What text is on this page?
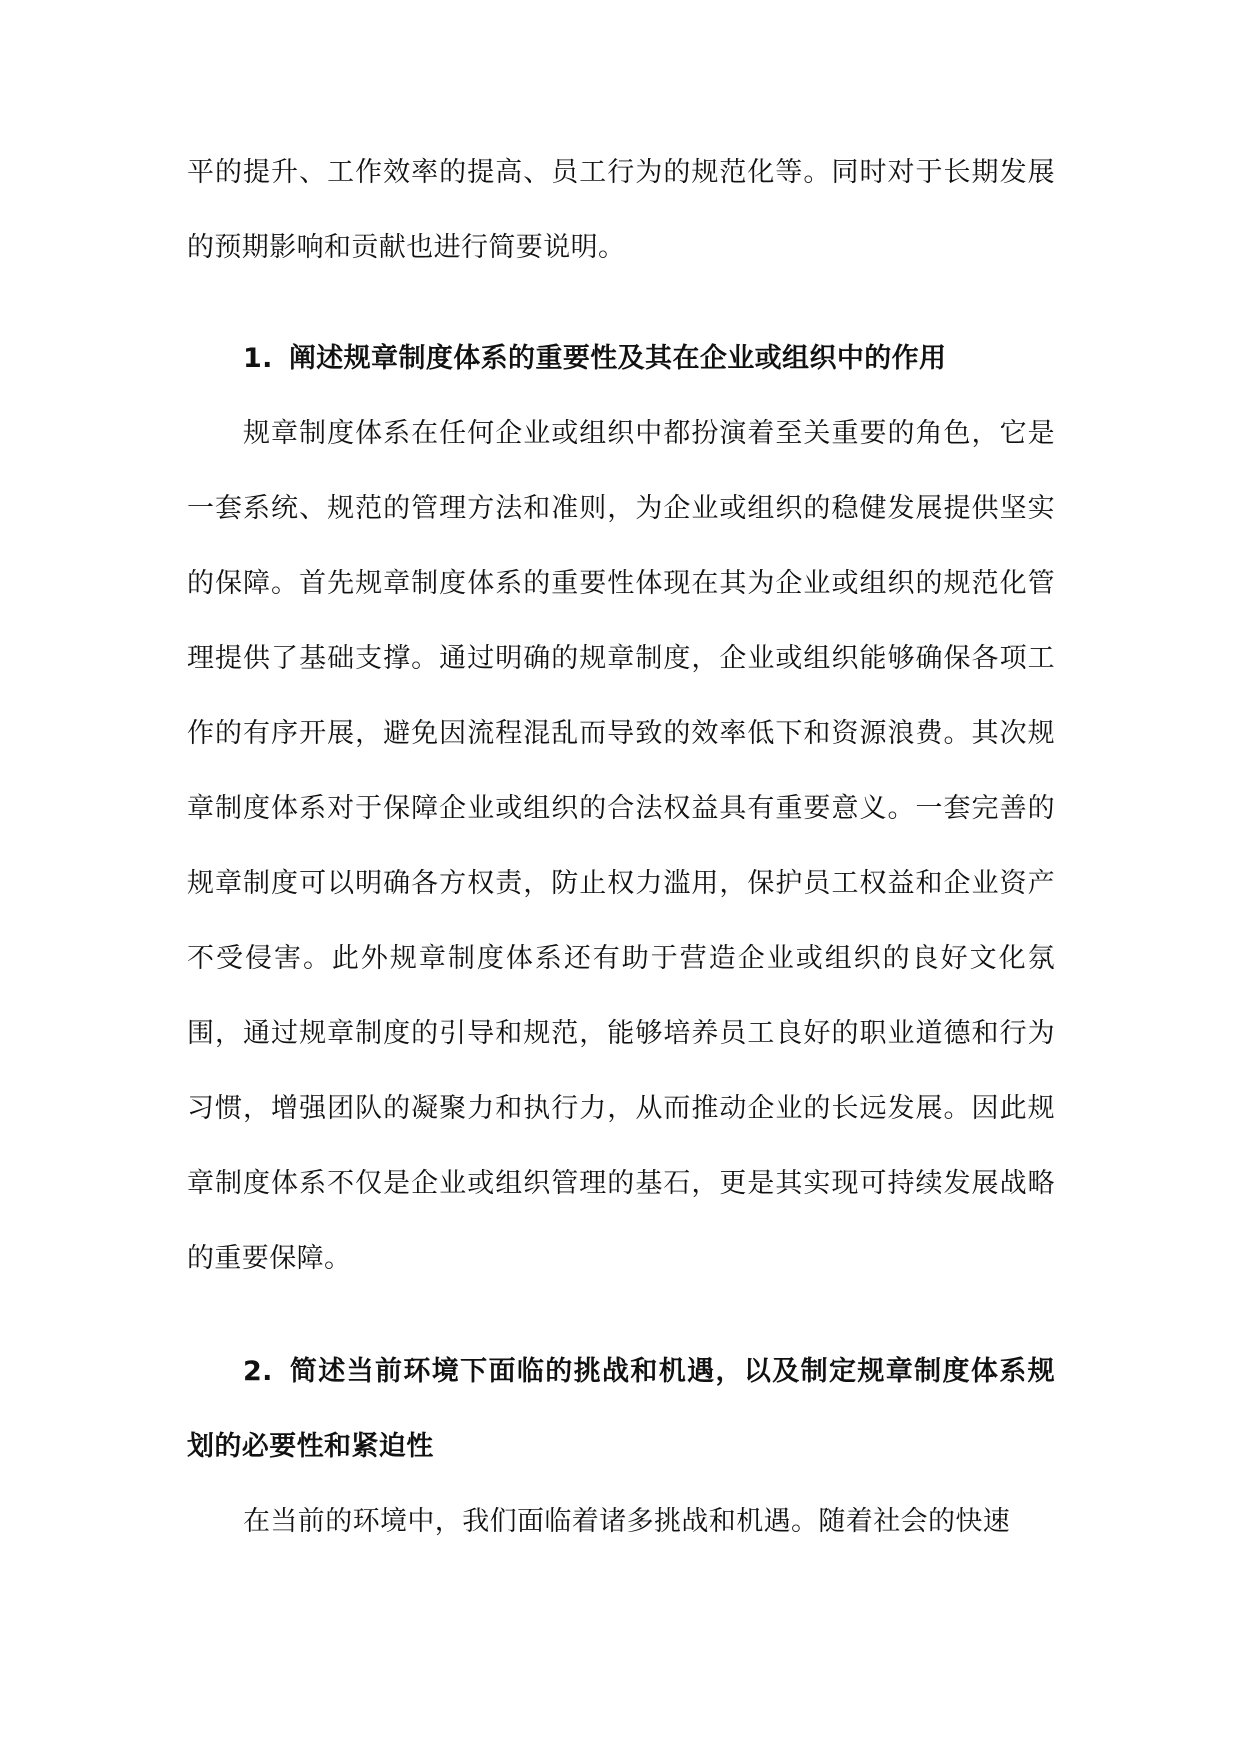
平的提升、工作效率的提高、员工行为的规范化等。同时对于长期发展的预期影响和贡献也进行简要说明。

1. 阐述规章制度体系的重要性及其在企业或组织中的作用

规章制度体系在任何企业或组织中都扮演着至关重要的角色，它是一套系统、规范的管理方法和准则，为企业或组织的稳健发展提供坚实的保障。首先规章制度体系的重要性体现在其为企业或组织的规范化管理提供了基础支撑。通过明确的规章制度，企业或组织能够确保各项工作的有序开展，避免因流程混乱而导致的效率低下和资源浪费。其次规章制度体系对于保障企业或组织的合法权益具有重要意义。一套完善的规章制度可以明确各方权责，防止权力滥用，保护员工权益和企业资产不受侵害。此外规章制度体系还有助于营造企业或组织的良好文化氛围，通过规章制度的引导和规范，能够培养员工良好的职业道德和行为习惯，增强团队的凝聚力和执行力，从而推动企业的长远发展。因此规章制度体系不仅是企业或组织管理的基石，更是其实现可持续发展战略的重要保障。

2. 简述当前环境下面临的挑战和机遇，以及制定规章制度体系规划的必要性和紧迫性

在当前的环境中，我们面临着诸多挑战和机遇。随着社会的快速
